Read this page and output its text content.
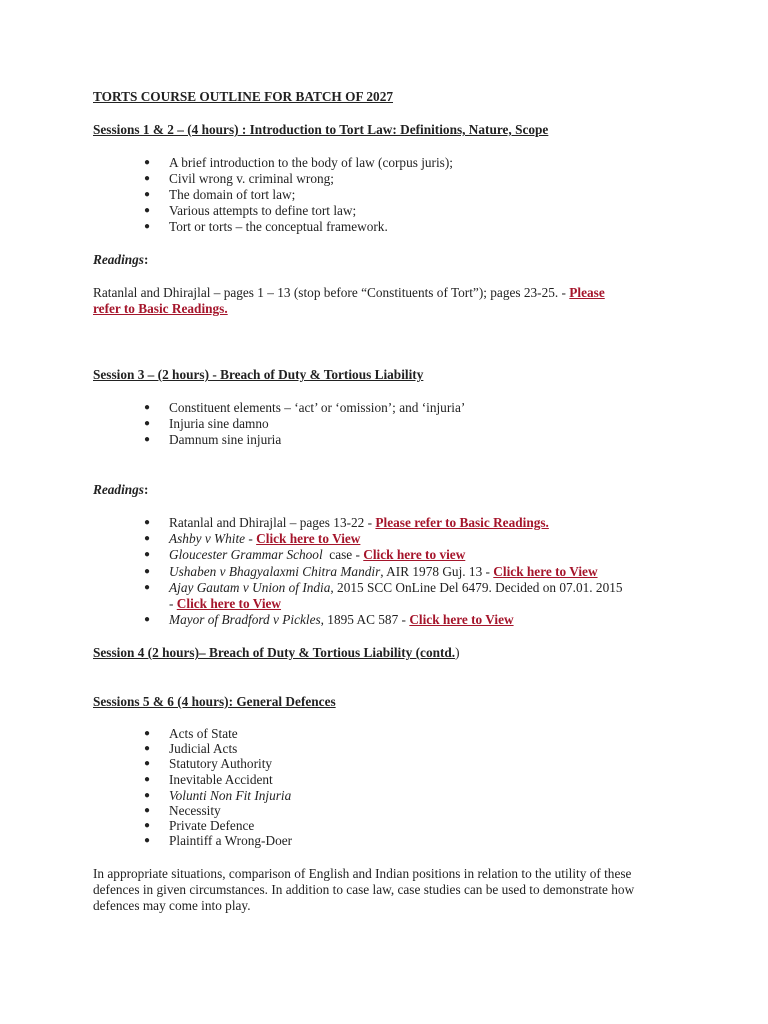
TORTS COURSE OUTLINE FOR BATCH OF 2027
Sessions 1 & 2 – (4 hours) : Introduction to Tort Law: Definitions, Nature, Scope
● A brief introduction to the body of law (corpus juris);
● Civil wrong v. criminal wrong;
● The domain of tort law;
● Various attempts to define tort law;
● Tort or torts – the conceptual framework.
Readings:
Ratanlal and Dhirajlal – pages 1 – 13 (stop before “Constituents of Tort”); pages 23-25. - Please
refer to Basic Readings.
Session 3 – (2 hours) - Breach of Duty & Tortious Liability
● Constituent elements – ‘act’ or ‘omission’; and ‘injuria’
● Injuria sine damno
● Damnum sine injuria
Readings:
● Ratanlal and Dhirajlal – pages 13-22 - Please refer to Basic Readings.
● Ashby v White - Click here to View
● Gloucester Grammar School  case - Click here to view
● Ushaben v Bhagyalaxmi Chitra Mandir, AIR 1978 Guj. 13 - Click here to View
● Ajay Gautam v Union of India, 2015 SCC OnLine Del 6479. Decided on 07.01. 2015
- Click here to View
● Mayor of Bradford v Pickles, 1895 AC 587 - Click here to View
Session 4 (2 hours)– Breach of Duty & Tortious Liability (contd.)
Sessions 5 & 6 (4 hours): General Defences
● Acts of State
● Judicial Acts
● Statutory Authority
● Inevitable Accident
● Volunti Non Fit Injuria
● Necessity
● Private Defence
● Plaintiff a Wrong-Doer
In appropriate situations, comparison of English and Indian positions in relation to the utility of these
defences in given circumstances. In addition to case law, case studies can be used to demonstrate how
defences may come into play.
